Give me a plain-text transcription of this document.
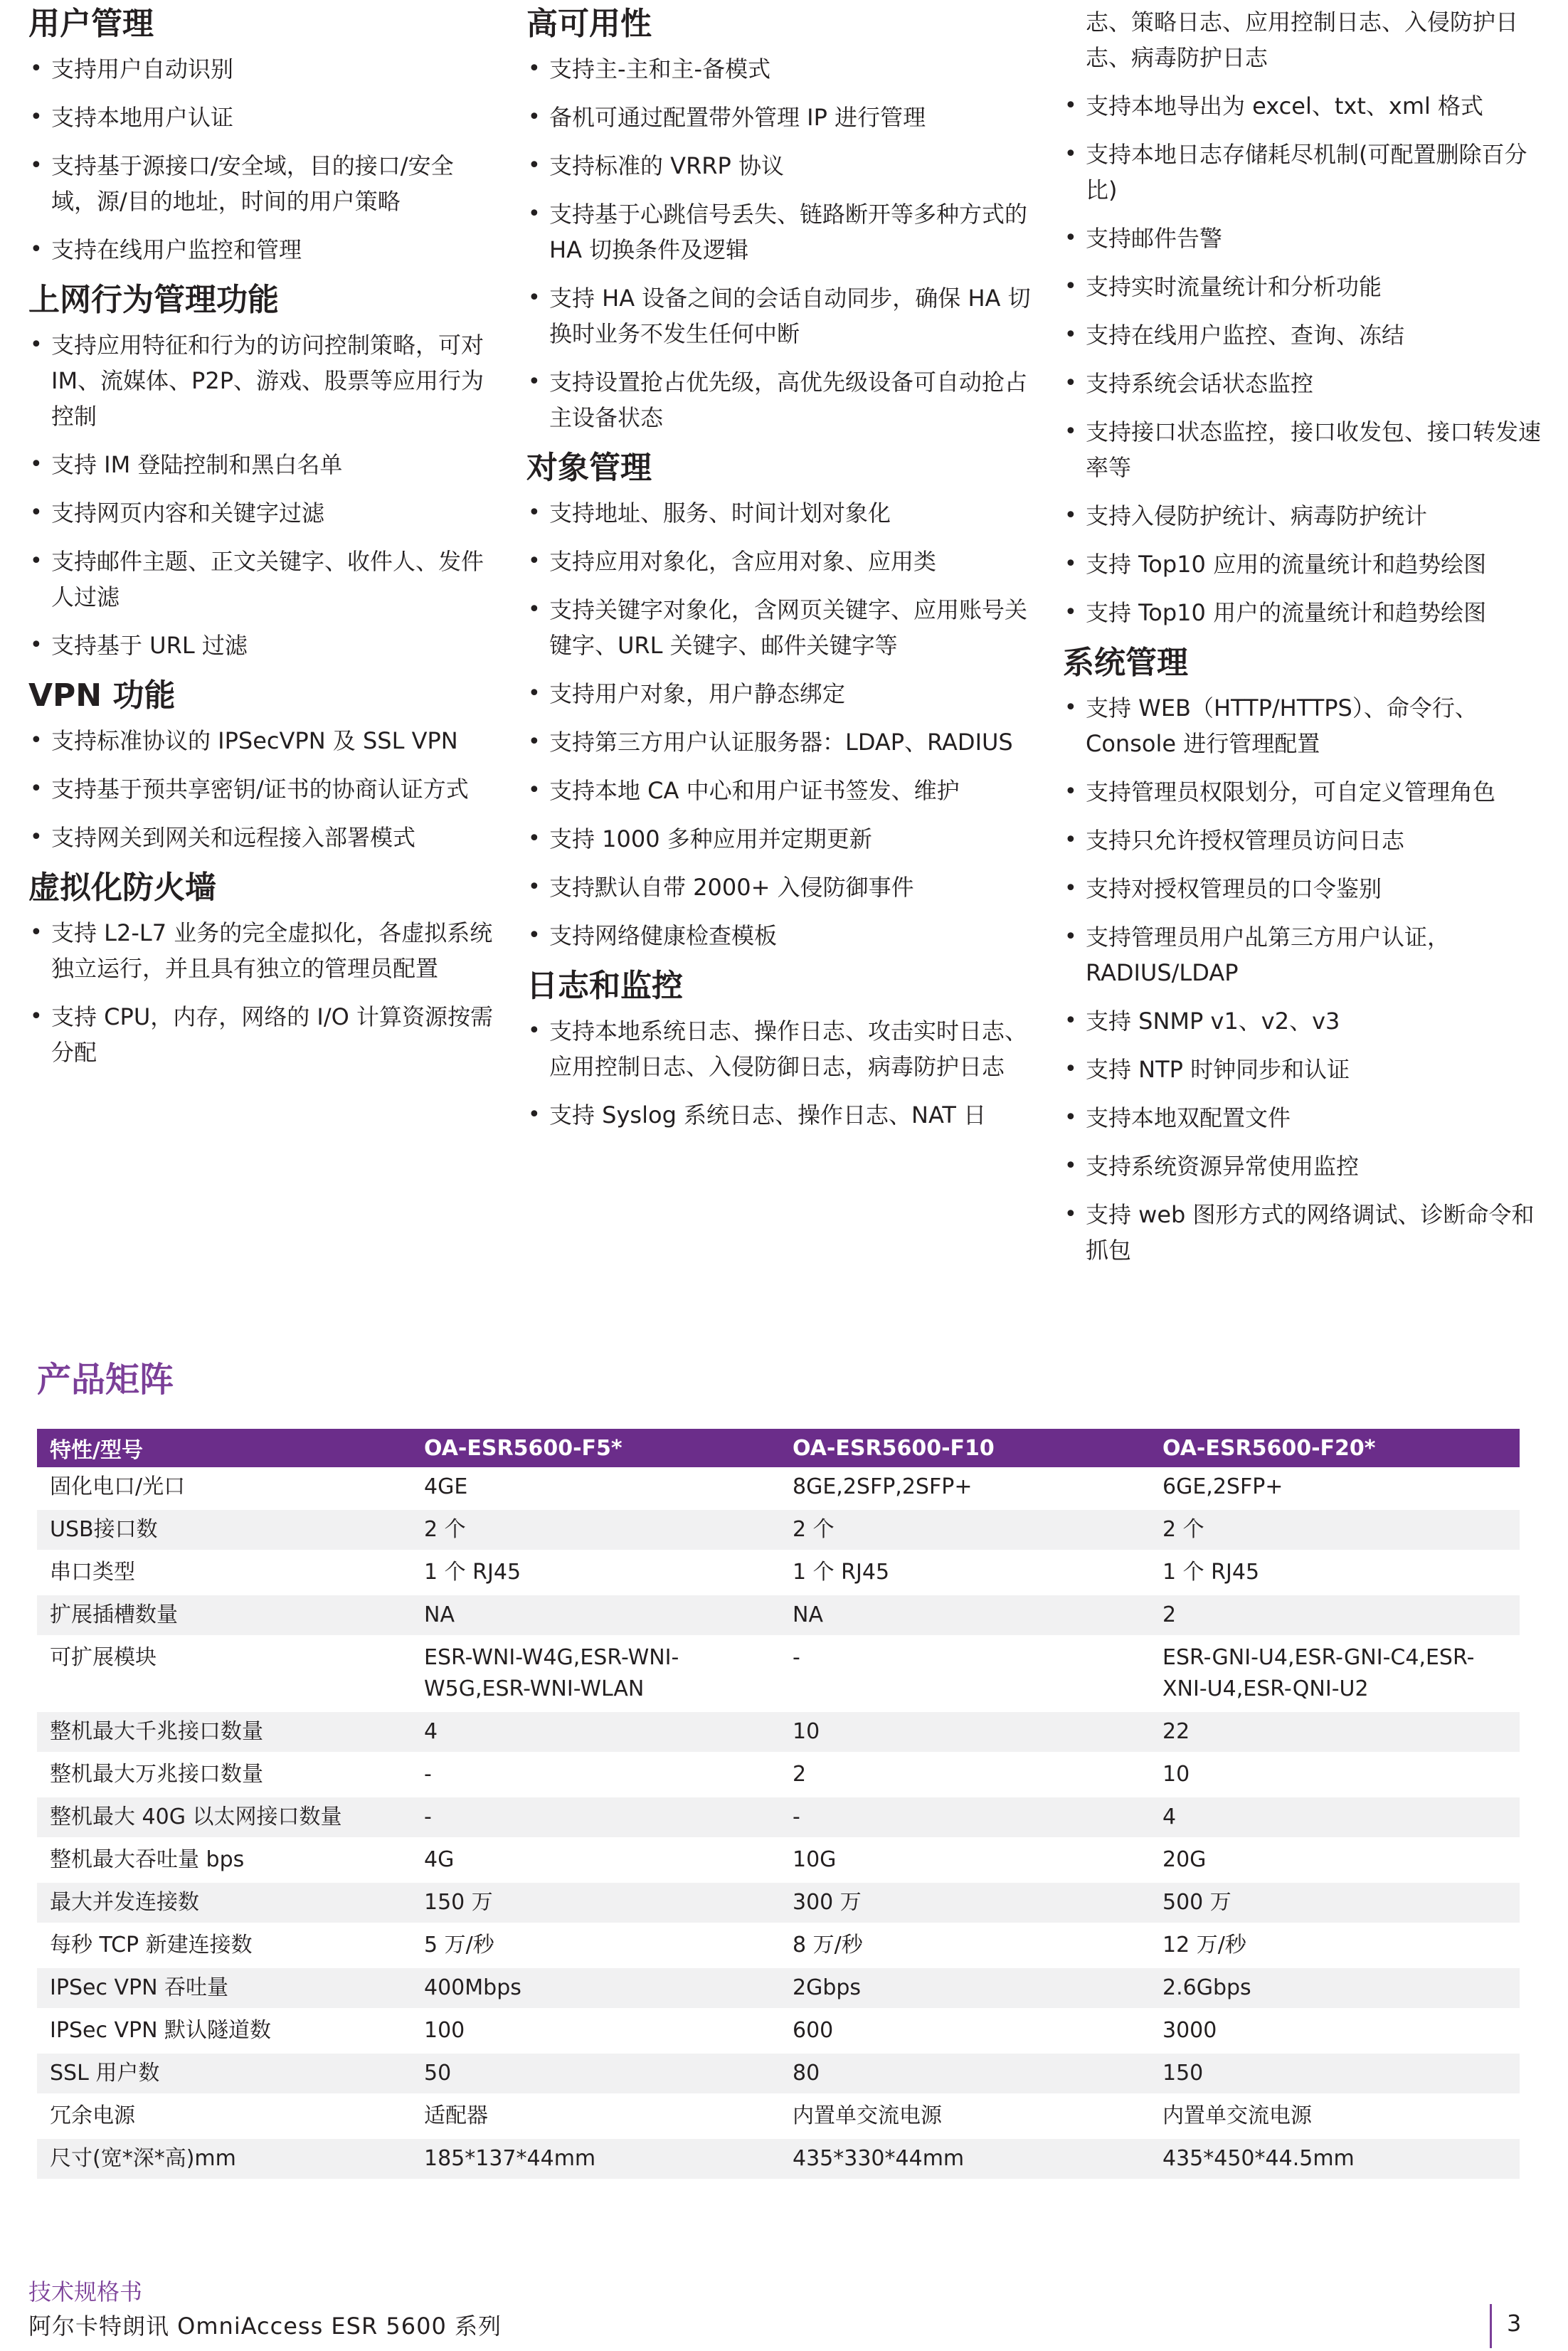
用户管理
• 支持用户自动识别
• 支持本地用户认证
• 支持基于源接口/安全域，目的接口/安全域，源/目的地址，时间的用户策略
• 支持在线用户监控和管理
上网行为管理功能
• 支持应用特征和行为的访问控制策略，可对 IM、流媒体、P2P、游戏、股票等应用行为控制
• 支持 IM 登陆控制和黑白名单
• 支持网页内容和关键字过滤
• 支持邮件主题、正文关键字、收件人、发件人过滤
• 支持基于 URL 过滤
VPN 功能
• 支持标准协议的 IPSecVPN 及 SSL VPN
• 支持基于预共享密钥/证书的协商认证方式
• 支持网关到网关和远程接入部署模式
虚拟化防火墙
• 支持 L2-L7 业务的完全虚拟化，各虚拟系统独立运行，并且具有独立的管理员配置
• 支持 CPU，内存，网络的 I/O 计算资源按需分配
高可用性
• 支持主-主和主-备模式
• 备机可通过配置带外管理 IP 进行管理
• 支持标准的 VRRP 协议
• 支持基于心跳信号丢失、链路断开等多种方式的 HA 切换条件及逻辑
• 支持 HA 设备之间的会话自动同步，确保 HA 切换时业务不发生任何中断
• 支持设置抢占优先级，高优先级设备可自动抢占主设备状态
对象管理
• 支持地址、服务、时间计划对象化
• 支持应用对象化，含应用对象、应用类
• 支持关键字对象化，含网页关键字、应用账号关键字、URL 关键字、邮件关键字等
• 支持用户对象，用户静态绑定
• 支持第三方用户认证服务器：LDAP、RADIUS
• 支持本地 CA 中心和用户证书签发、维护
• 支持 1000 多种应用并定期更新
• 支持默认自带 2000+ 入侵防御事件
• 支持网络健康检查模板
日志和监控
• 支持本地系统日志、操作日志、攻击实时日志、应用控制日志、入侵防御日志，病毒防护日志
• 支持 Syslog 系统日志、操作日志、NAT 日

志、策略日志、应用控制日志、入侵防护日志、病毒防护日志

• 支持本地导出为 excel、txt、xml 格式
• 支持本地日志存储耗尽机制(可配置删除百分比)
• 支持邮件告警
• 支持实时流量统计和分析功能
• 支持在线用户监控、查询、冻结
• 支持系统会话状态监控
• 支持接口状态监控，接口收发包、接口转发速率等
• 支持入侵防护统计、病毒防护统计
• 支持 Top10 应用的流量统计和趋势绘图
• 支持 Top10 用户的流量统计和趋势绘图
系统管理
• 支持 WEB（HTTP/HTTPS）、命令行、Console 进行管理配置
• 支持管理员权限划分，可自定义管理角色
• 支持只允许授权管理员访问日志
• 支持对授权管理员的口令鉴别
• 支持管理员用户乩第三方用户认证，RADIUS/LDAP
• 支持 SNMP v1、v2、v3
• 支持 NTP 时钟同步和认证
• 支持本地双配置文件
• 支持系统资源异常使用监控
• 支持 web 图形方式的网络调试、诊断命令和抓包
产品矩阵
特性/型号	OA-ESR5600-F5*	OA-ESR5600-F10	OA-ESR5600-F20*
固化电口/光口	4GE	8GE,2SFP,2SFP+	6GE,2SFP+
USB接口数	2 个	2 个	2 个
串口类型	1 个 RJ45	1 个 RJ45	1 个 RJ45
扩展插槽数量	NA	NA	2
可扩展模块	ESR-WNI-W4G,ESR-WNI-W5G,ESR-WNI-WLAN	-	ESR-GNI-U4,ESR-GNI-C4,ESR-XNI-U4,ESR-QNI-U2
整机最大千兆接口数量	4	10	22
整机最大万兆接口数量	-	2	10
整机最大 40G 以太网接口数量	-	-	4
整机最大吞吐量 bps	4G	10G	20G
最大并发连接数	150 万	300 万	500 万
每秒 TCP 新建连接数	5 万/秒	8 万/秒	12 万/秒
IPSec VPN 吞吐量	400Mbps	2Gbps	2.6Gbps
IPSec VPN 默认隧道数	100	600	3000
SSL 用户数	50	80	150
冗余电源	适配器	内置单交流电源	内置单交流电源
尺寸(宽*深*高)mm	185*137*44mm	435*330*44mm	435*450*44.5mm
技术规格书
阿尔卡特朗讯 OmniAccess ESR 5600 系列	3
